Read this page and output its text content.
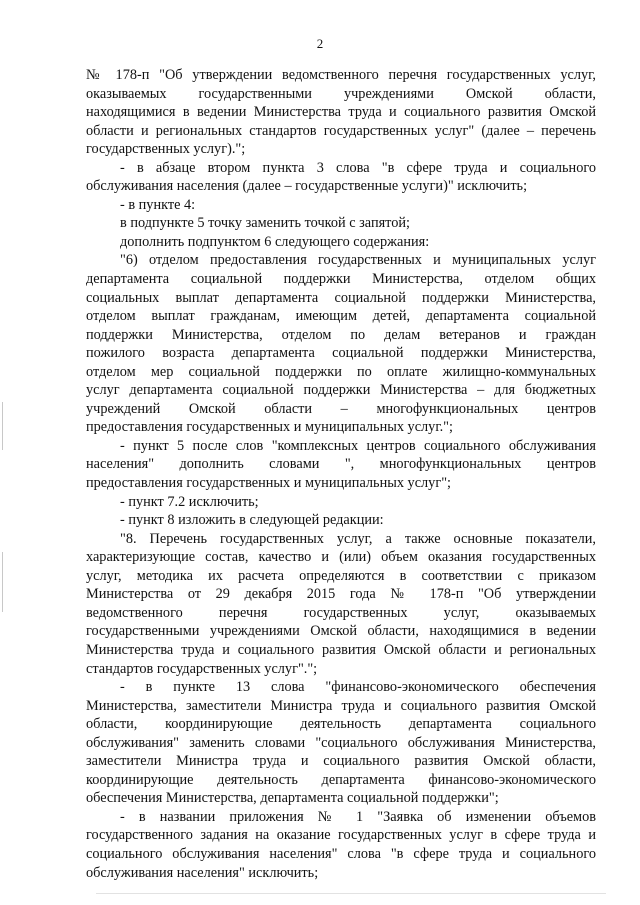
2
№ 178-п "Об утверждении ведомственного перечня государственных услуг,
оказываемых государственными учреждениями Омской области,
находящимися в ведении Министерства труда и социального развития Омской
области и региональных стандартов государственных услуг" (далее – перечень
государственных услуг).";
- в абзаце втором пункта 3 слова "в сфере труда и социального
обслуживания населения (далее – государственные услуги)" исключить;
- в пункте 4:
в подпункте 5 точку заменить точкой с запятой;
дополнить подпунктом 6 следующего содержания:
"6) отделом предоставления государственных и муниципальных услуг
департамента социальной поддержки Министерства, отделом общих
социальных выплат департамента социальной поддержки Министерства,
отделом выплат гражданам, имеющим детей, департамента социальной
поддержки Министерства, отделом по делам ветеранов и граждан
пожилого возраста департамента социальной поддержки Министерства,
отделом мер социальной поддержки по оплате жилищно-коммунальных
услуг департамента социальной поддержки Министерства – для бюджетных
учреждений Омской области – многофункциональных центров
предоставления государственных и муниципальных услуг.";
- пункт 5 после слов "комплексных центров социального обслуживания
населения" дополнить словами ", многофункциональных центров
предоставления государственных и муниципальных услуг";
- пункт 7.2 исключить;
- пункт 8 изложить в следующей редакции:
"8. Перечень государственных услуг, а также основные показатели,
характеризующие состав, качество и (или) объем оказания государственных
услуг, методика их расчета определяются в соответствии с приказом
Министерства от 29 декабря 2015 года № 178-п "Об утверждении
ведомственного перечня государственных услуг, оказываемых
государственными учреждениями Омской области, находящимися в ведении
Министерства труда и социального развития Омской области и региональных
стандартов государственных услуг".";
- в пункте 13 слова "финансово-экономического обеспечения
Министерства, заместители Министра труда и социального развития Омской
области, координирующие деятельность департамента социального
обслуживания" заменить словами "социального обслуживания Министерства,
заместители Министра труда и социального развития Омской области,
координирующие деятельность департамента финансово-экономического
обеспечения Министерства, департамента социальной поддержки";
- в названии приложения № 1 "Заявка об изменении объемов
государственного задания на оказание государственных услуг в сфере труда и
социального обслуживания населения" слова "в сфере труда и социального
обслуживания населения" исключить;
